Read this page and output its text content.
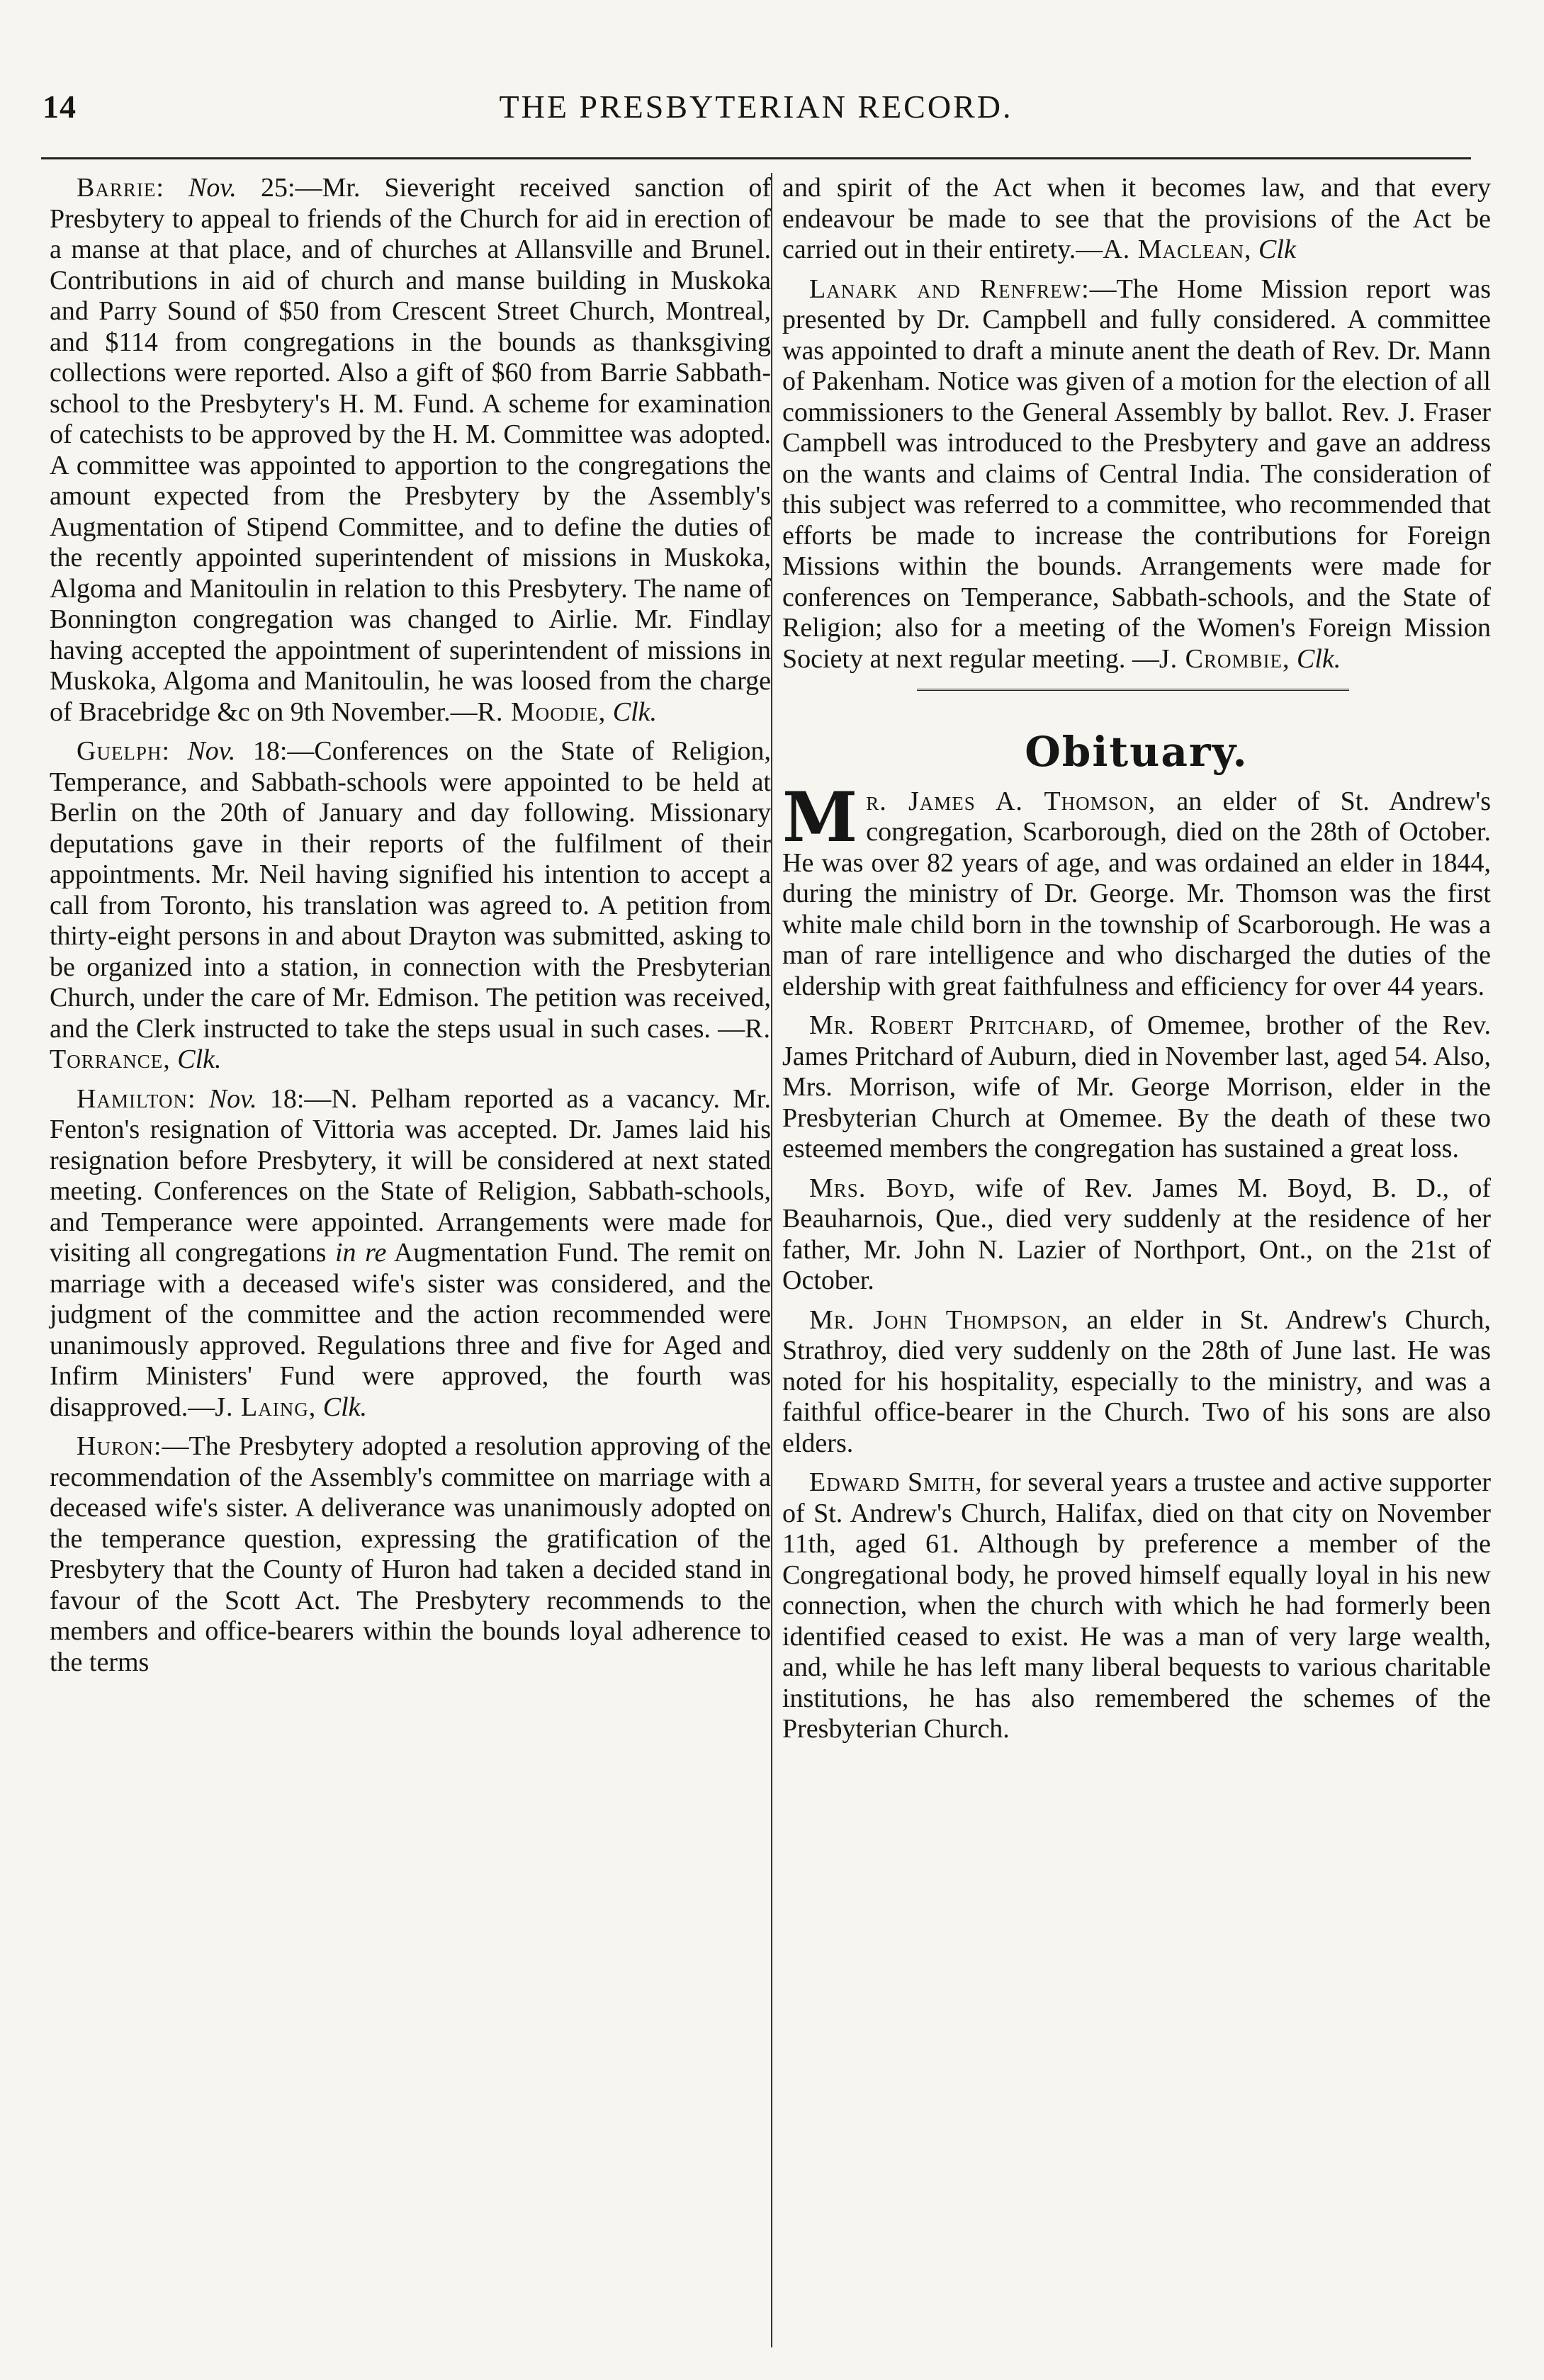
14	THE PRESBYTERIAN RECORD.

Barrie: Nov. 25:—Mr. Sieveright received sanction of Presbytery to appeal to friends of the Church for aid in erection of a manse at that place, and of churches at Allansville and Brunel. Contributions in aid of church and manse building in Muskoka and Parry Sound of $50 from Crescent Street Church, Montreal, and $114 from congregations in the bounds as thanksgiving collections were reported. Also a gift of $60 from Barrie Sabbath-school to the Presbytery's H. M. Fund. A scheme for examination of catechists to be approved by the H. M. Committee was adopted. A committee was appointed to apportion to the congregations the amount expected from the Presbytery by the Assembly's Augmentation of Stipend Committee, and to define the duties of the recently appointed superintendent of missions in Muskoka, Algoma and Manitoulin in relation to this Presbytery. The name of Bonnington congregation was changed to Airlie. Mr. Findlay having accepted the appointment of superintendent of missions in Muskoka, Algoma and Manitoulin, he was loosed from the charge of Bracebridge &c on 9th November.—R. Moodie, Clk.

Guelph: Nov. 18:—Conferences on the State of Religion, Temperance, and Sabbath-schools were appointed to be held at Berlin on the 20th of January and day following. Missionary deputations gave in their reports of the fulfilment of their appointments. Mr. Neil having signified his intention to accept a call from Toronto, his translation was agreed to. A petition from thirty-eight persons in and about Drayton was submitted, asking to be organized into a station, in connection with the Presbyterian Church, under the care of Mr. Edmison. The petition was received, and the Clerk instructed to take the steps usual in such cases. —R. Torrance, Clk.

Hamilton: Nov. 18:—N. Pelham reported as a vacancy. Mr. Fenton's resignation of Vittoria was accepted. Dr. James laid his resignation before Presbytery, it will be considered at next stated meeting. Conferences on the State of Religion, Sabbath-schools, and Temperance were appointed. Arrangements were made for visiting all congregations in re Augmentation Fund. The remit on marriage with a deceased wife's sister was considered, and the judgment of the committee and the action recommended were unanimously approved. Regulations three and five for Aged and Infirm Ministers' Fund were approved, the fourth was disapproved.—J. Laing, Clk.

Huron:—The Presbytery adopted a resolution approving of the recommendation of the Assembly's committee on marriage with a deceased wife's sister. A deliverance was unanimously adopted on the temperance question, expressing the gratification of the Presbytery that the County of Huron had taken a decided stand in favour of the Scott Act. The Presbytery recommends to the members and office-bearers within the bounds loyal adherence to the terms

and spirit of the Act when it becomes law, and that every endeavour be made to see that the provisions of the Act be carried out in their entirety.—A. Maclean, Clk

Lanark and Renfrew:—The Home Mission report was presented by Dr. Campbell and fully considered. A committee was appointed to draft a minute anent the death of Rev. Dr. Mann of Pakenham. Notice was given of a motion for the election of all commissioners to the General Assembly by ballot. Rev. J. Fraser Campbell was introduced to the Presbytery and gave an address on the wants and claims of Central India. The consideration of this subject was referred to a committee, who recommended that efforts be made to increase the contributions for Foreign Missions within the bounds. Arrangements were made for conferences on Temperance, Sabbath-schools, and the State of Religion; also for a meeting of the Women's Foreign Mission Society at next regular meeting. —J. Crombie, Clk.

Obituary.

Mr. James A. Thomson, an elder of St. Andrew's congregation, Scarborough, died on the 28th of October. He was over 82 years of age, and was ordained an elder in 1844, during the ministry of Dr. George. Mr. Thomson was the first white male child born in the township of Scarborough. He was a man of rare intelligence and who discharged the duties of the eldership with great faithfulness and efficiency for over 44 years.

Mr. Robert Pritchard, of Omemee, brother of the Rev. James Pritchard of Auburn, died in November last, aged 54. Also, Mrs. Morrison, wife of Mr. George Morrison, elder in the Presbyterian Church at Omemee. By the death of these two esteemed members the congregation has sustained a great loss.

Mrs. Boyd, wife of Rev. James M. Boyd, B. D., of Beauharnois, Que., died very suddenly at the residence of her father, Mr. John N. Lazier of Northport, Ont., on the 21st of October.

Mr. John Thompson, an elder in St. Andrew's Church, Strathroy, died very suddenly on the 28th of June last. He was noted for his hospitality, especially to the ministry, and was a faithful office-bearer in the Church. Two of his sons are also elders.

Edward Smith, for several years a trustee and active supporter of St. Andrew's Church, Halifax, died on that city on November 11th, aged 61. Although by preference a member of the Congregational body, he proved himself equally loyal in his new connection, when the church with which he had formerly been identified ceased to exist. He was a man of very large wealth, and, while he has left many liberal bequests to various charitable institutions, he has also remembered the schemes of the Presbyterian Church.
